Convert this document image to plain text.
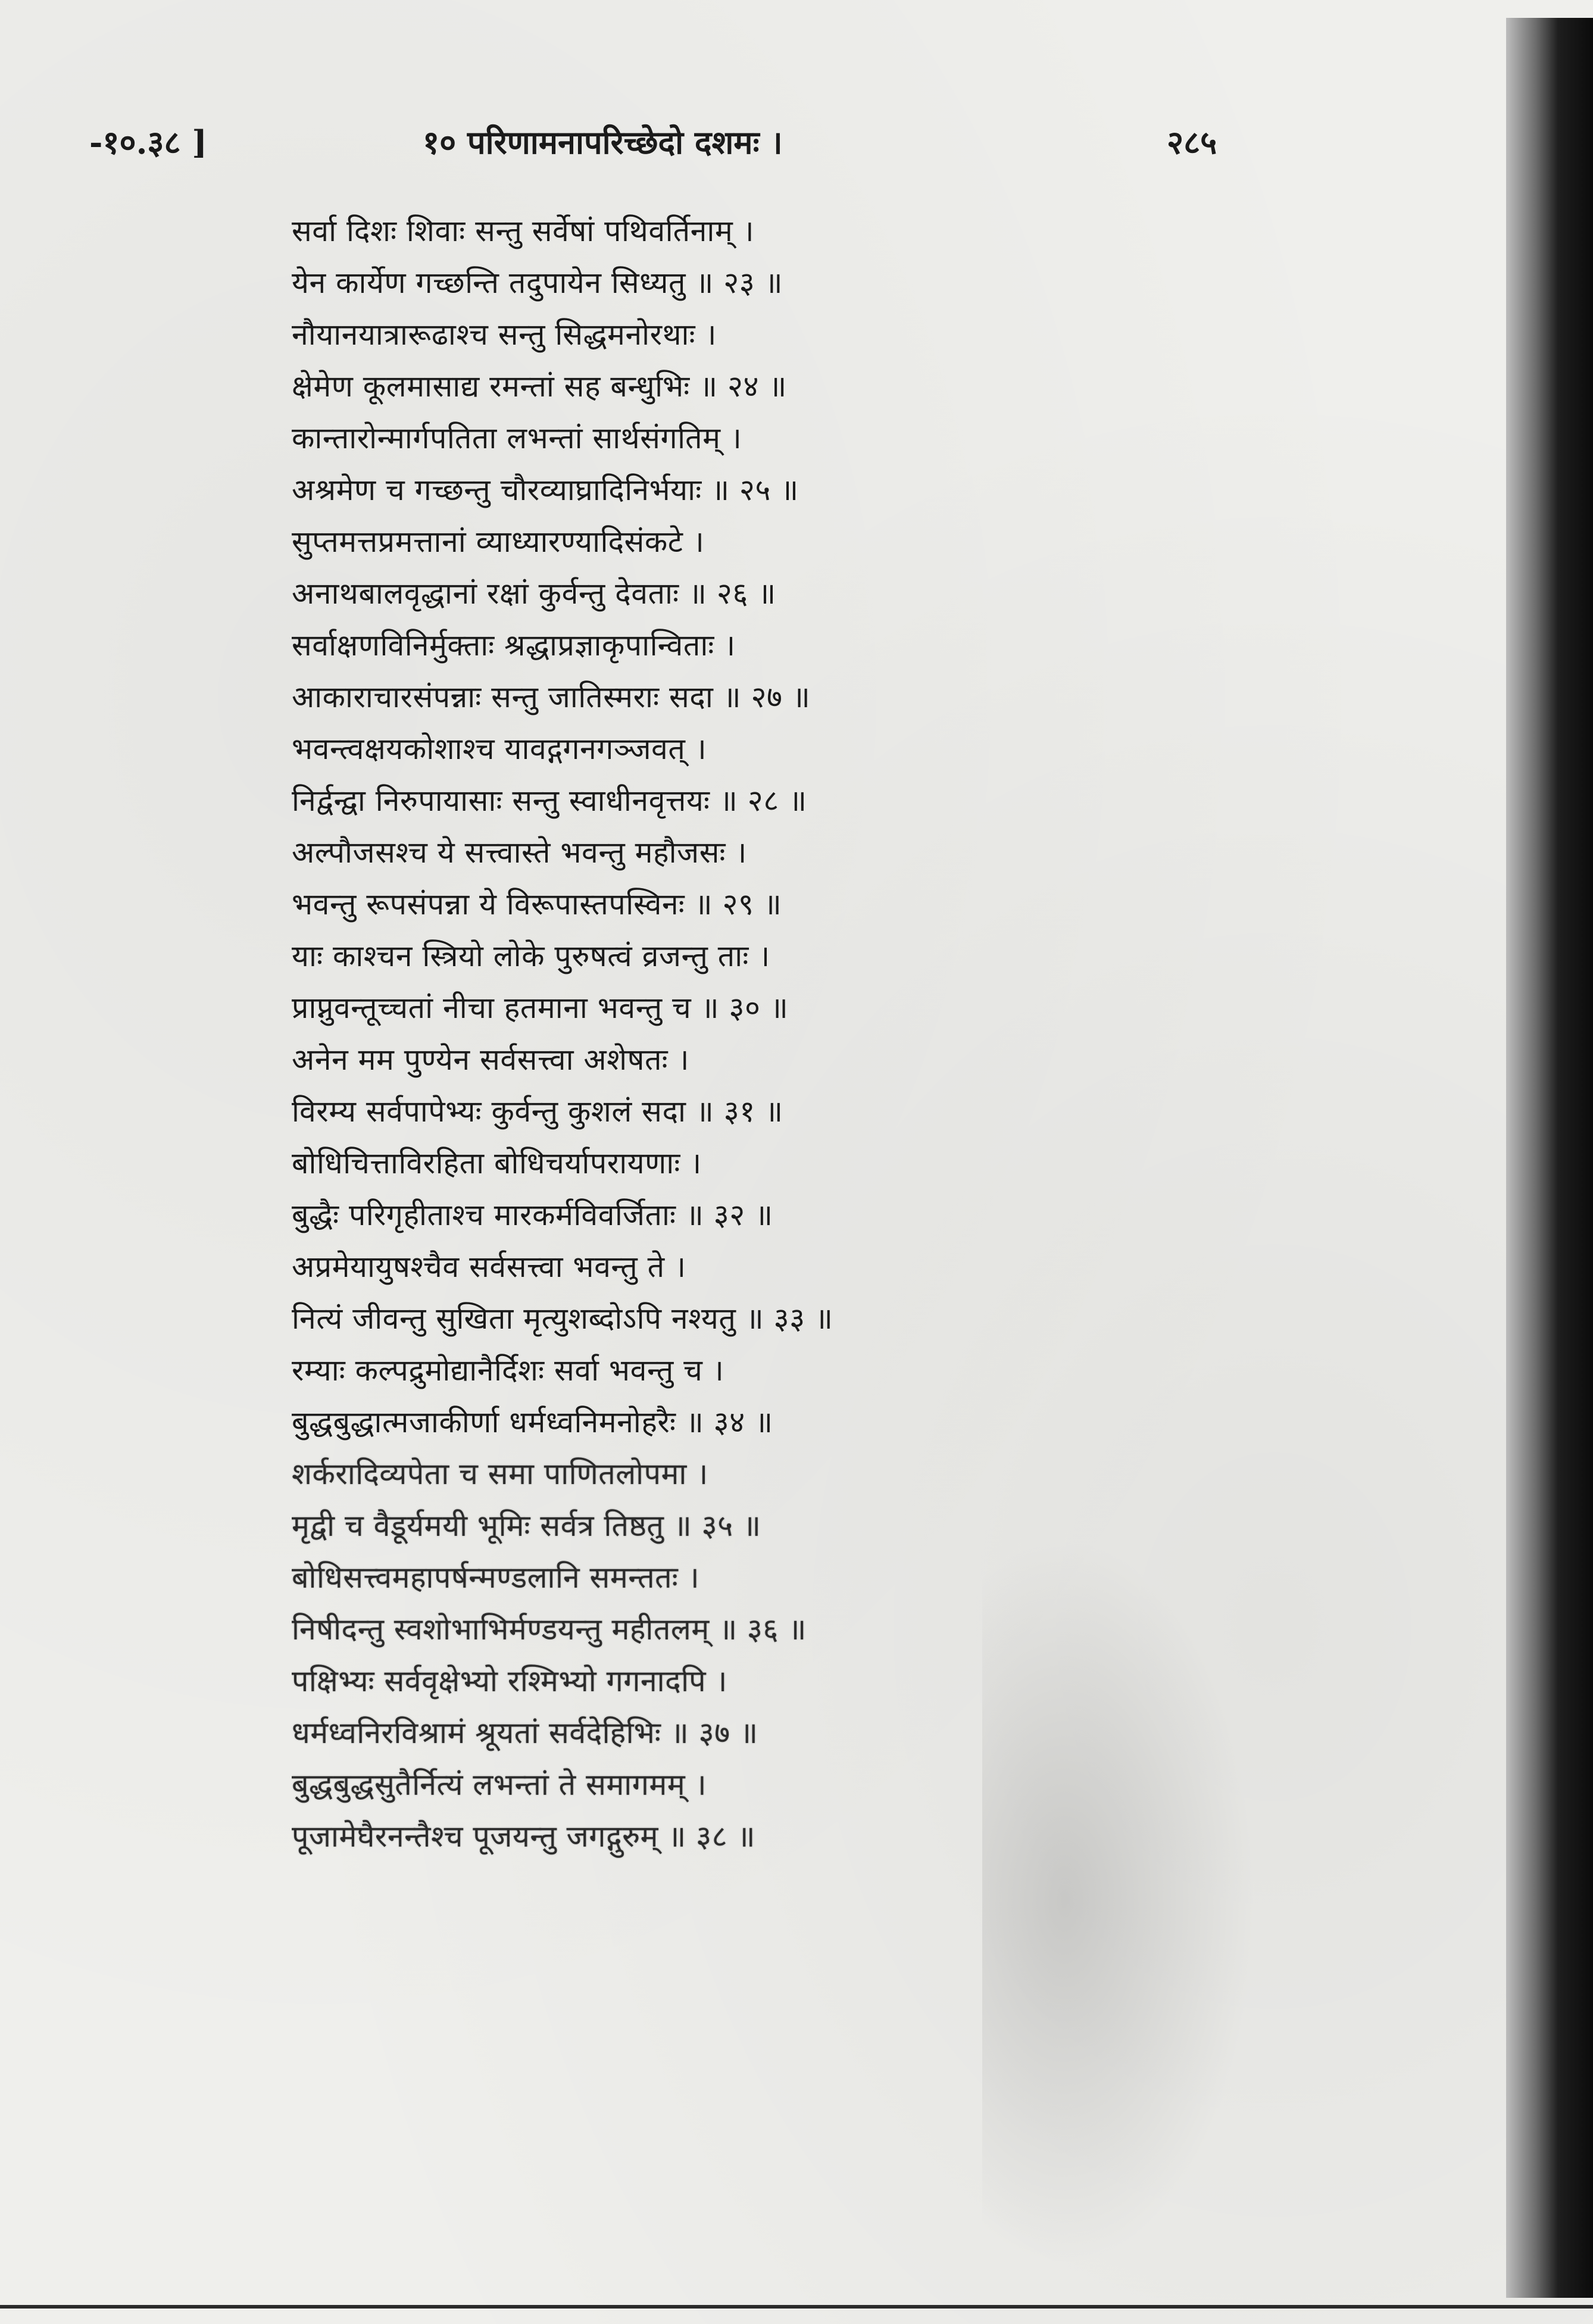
-१०.३८ ]	१० परिणामनापरिच्छेदो दशमः ।	२८५
सर्वा दिशः शिवाः सन्तु सर्वेषां पथिवर्तिनाम् ।
येन कार्येण गच्छन्ति तदुपायेन सिध्यतु ॥ २३ ॥
नौयानयात्रारूढाश्च सन्तु सिद्धमनोरथाः ।
क्षेमेण कूलमासाद्य रमन्तां सह बन्धुभिः ॥ २४ ॥
कान्तारोन्मार्गपतिता लभन्तां सार्थसंगतिम् ।
अश्रमेण च गच्छन्तु चौरव्याघ्रादिनिर्भयाः ॥ २५ ॥
सुप्तमत्तप्रमत्तानां व्याध्यारण्यादिसंकटे ।
अनाथबालवृद्धानां रक्षां कुर्वन्तु देवताः ॥ २६ ॥
सर्वाक्षणविनिर्मुक्ताः श्रद्धाप्रज्ञाकृपान्विताः ।
आकाराचारसंपन्नाः सन्तु जातिस्मराः सदा ॥ २७ ॥
भवन्त्वक्षयकोशाश्च यावद्गगनगञ्जवत् ।
निर्द्वन्द्वा निरुपायासाः सन्तु स्वाधीनवृत्तयः ॥ २८ ॥
अल्पौजसश्च ये सत्त्वास्ते भवन्तु महौजसः ।
भवन्तु रूपसंपन्ना ये विरूपास्तपस्विनः ॥ २९ ॥
याः काश्चन स्त्रियो लोके पुरुषत्वं व्रजन्तु ताः ।
प्राप्नुवन्तूच्चतां नीचा हतमाना भवन्तु च ॥ ३० ॥
अनेन मम पुण्येन सर्वसत्त्वा अशेषतः ।
विरम्य सर्वपापेभ्यः कुर्वन्तु कुशलं सदा ॥ ३१ ॥
बोधिचित्ताविरहिता बोधिचर्यापरायणाः ।
बुद्धैः परिगृहीताश्च मारकर्मविवर्जिताः ॥ ३२ ॥
अप्रमेयायुषश्चैव सर्वसत्त्वा भवन्तु ते ।
नित्यं जीवन्तु सुखिता मृत्युशब्दोऽपि नश्यतु ॥ ३३ ॥
रम्याः कल्पद्रुमोद्यानैर्दिशः सर्वा भवन्तु च ।
बुद्धबुद्धात्मजाकीर्णा धर्मध्वनिमनोहरैः ॥ ३४ ॥
शर्करादिव्यपेता च समा पाणितलोपमा ।
मृद्वी च वैडूर्यमयी भूमिः सर्वत्र तिष्ठतु ॥ ३५ ॥
बोधिसत्त्वमहापर्षन्मण्डलानि समन्ततः ।
निषीदन्तु स्वशोभाभिर्मण्डयन्तु महीतलम् ॥ ३६ ॥
पक्षिभ्यः सर्ववृक्षेभ्यो रश्मिभ्यो गगनादपि ।
धर्मध्वनिरविश्रामं श्रूयतां सर्वदेहिभिः ॥ ३७ ॥
बुद्धबुद्धसुतैर्नित्यं लभन्तां ते समागमम् ।
पूजामेघैरनन्तैश्च पूजयन्तु जगद्गुरुम् ॥ ३८ ॥
